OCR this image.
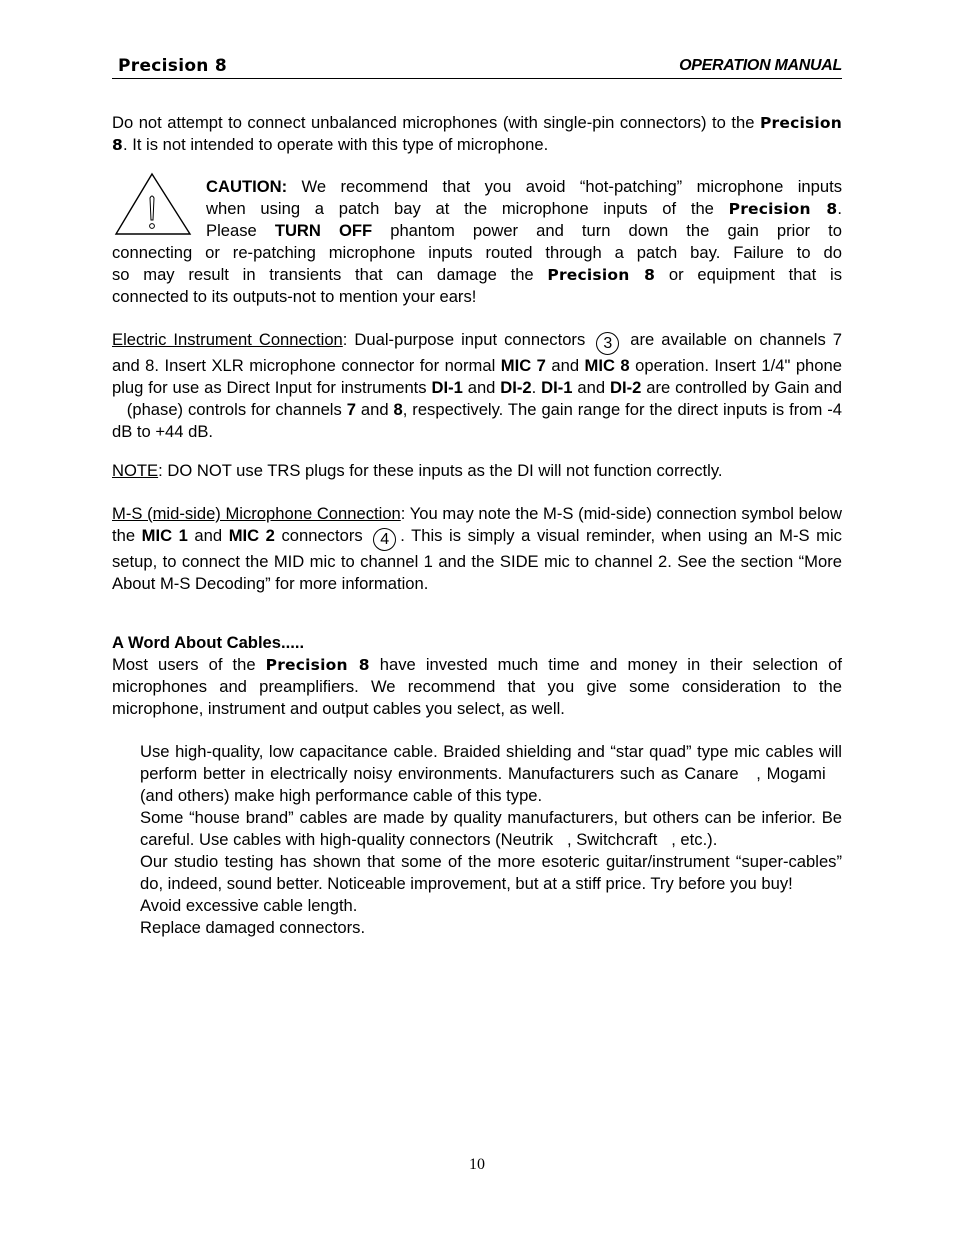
Precision 8	OPERATION MANUAL

Do not attempt to connect unbalanced microphones (with single-pin connectors) to the Precision 8. It is not intended to operate with this type of microphone.

CAUTION: We recommend that you avoid “hot-patching” microphone inputs
when using a patch bay at the microphone inputs of the Precision 8.
Please TURN OFF phantom power and turn down the gain prior to
connecting or re-patching microphone inputs routed through a patch bay. Failure to do
so may result in transients that can damage the Precision 8 or equipment that is
connected to its outputs-not to mention your ears!

Electric Instrument Connection: Dual-purpose input connectors 3 are available on channels 7 and 8. Insert XLR microphone connector for normal MIC 7 and MIC 8 operation. Insert 1/4" phone plug for use as Direct Input for instruments DI-1 and DI-2. DI-1 and DI-2 are controlled by Gain and    (phase) controls for channels 7 and 8, respectively. The gain range for the direct inputs is from -4 dB to +44 dB.

NOTE: DO NOT use TRS plugs for these inputs as the DI will not function correctly.

M-S (mid-side) Microphone Connection: You may note the M-S (mid-side) connection symbol below the MIC 1 and MIC 2 connectors 4 . This is simply a visual reminder, when using an M-S mic setup, to connect the MID mic to channel 1 and the SIDE mic to channel 2. See the section “More About M-S Decoding” for more information.

A Word About Cables.....
Most users of the Precision 8 have invested much time and money in their selection of microphones and preamplifiers. We recommend that you give some consideration to the microphone, instrument and output cables you select, as well.

Use high-quality, low capacitance cable. Braided shielding and “star quad” type mic cables will perform better in electrically noisy environments. Manufacturers such as Canare   , Mogami    (and others) make high performance cable of this type.

Some “house brand” cables are made by quality manufacturers, but others can be inferior. Be careful. Use cables with high-quality connectors (Neutrik   , Switchcraft   , etc.).

Our studio testing has shown that some of the more esoteric guitar/instrument “super-cables” do, indeed, sound better. Noticeable improvement, but at a stiff price. Try before you buy!

Avoid excessive cable length.

Replace damaged connectors.

10
